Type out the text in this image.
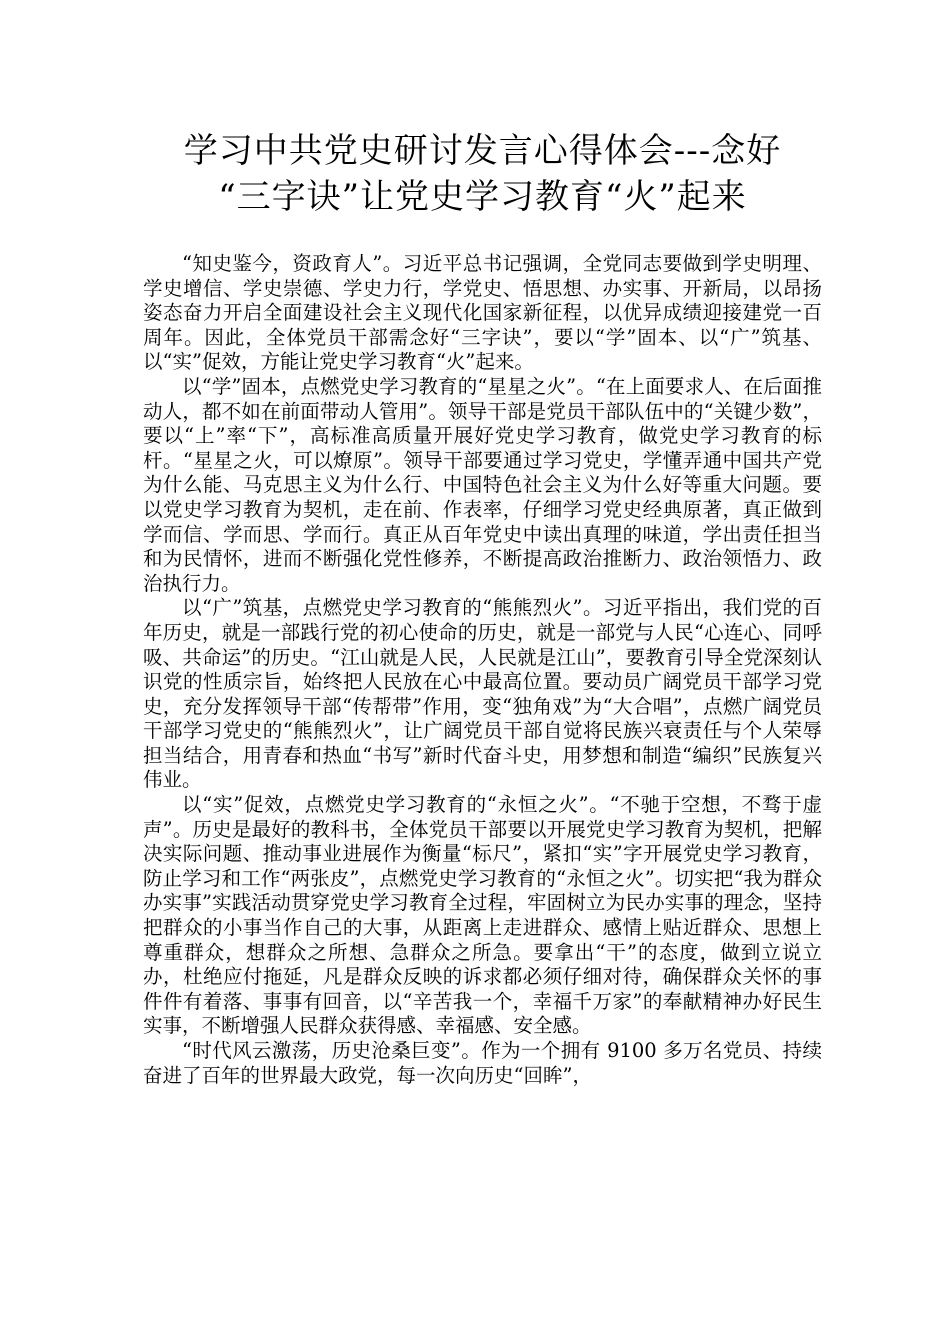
学习中共党史研讨发言心得体会---念好
“三字诀”让党史学习教育“火”起来

“知史鉴今，资政育人”。习近平总书记强调，全党同志要做到学史明理、学史增信、学史崇德、学史力行，学党史、悟思想、办实事、开新局，以昂扬姿态奋力开启全面建设社会主义现代化国家新征程，以优异成绩迎接建党一百周年。因此，全体党员干部需念好“三字诀”，要以“学”固本、以“广”筑基、以“实”促效，方能让党史学习教育“火”起来。

以“学”固本，点燃党史学习教育的“星星之火”。“在上面要求人、在后面推动人，都不如在前面带动人管用”。领导干部是党员干部队伍中的“关键少数”，要以“上”率“下”，高标准高质量开展好党史学习教育，做党史学习教育的标杆。“星星之火，可以燎原”。领导干部要通过学习党史，学懂弄通中国共产党为什么能、马克思主义为什么行、中国特色社会主义为什么好等重大问题。要以党史学习教育为契机，走在前、作表率，仔细学习党史经典原著，真正做到学而信、学而思、学而行。真正从百年党史中读出真理的味道，学出责任担当和为民情怀，进而不断强化党性修养，不断提高政治推断力、政治领悟力、政治执行力。

以“广”筑基，点燃党史学习教育的“熊熊烈火”。习近平指出，我们党的百年历史，就是一部践行党的初心使命的历史，就是一部党与人民“心连心、同呼吸、共命运”的历史。“江山就是人民，人民就是江山”，要教育引导全党深刻认识党的性质宗旨，始终把人民放在心中最高位置。要动员广阔党员干部学习党史，充分发挥领导干部“传帮带”作用，变“独角戏”为“大合唱”，点燃广阔党员干部学习党史的“熊熊烈火”，让广阔党员干部自觉将民族兴衰责任与个人荣辱担当结合，用青春和热血“书写”新时代奋斗史，用梦想和制造“编织”民族复兴伟业。

以“实”促效，点燃党史学习教育的“永恒之火”。“不驰于空想，不骛于虚声”。历史是最好的教科书，全体党员干部要以开展党史学习教育为契机，把解决实际问题、推动事业进展作为衡量“标尺”，紧扣“实”字开展党史学习教育，防止学习和工作“两张皮”，点燃党史学习教育的“永恒之火”。切实把“我为群众办实事”实践活动贯穿党史学习教育全过程，牢固树立为民办实事的理念，坚持把群众的小事当作自己的大事，从距离上走进群众、感情上贴近群众、思想上尊重群众，想群众之所想、急群众之所急。要拿出“干”的态度，做到立说立办，杜绝应付拖延，凡是群众反映的诉求都必须仔细对待，确保群众关怀的事件件有着落、事事有回音，以“辛苦我一个，幸福千万家”的奉献精神办好民生实事，不断增强人民群众获得感、幸福感、安全感。

“时代风云激荡，历史沧桑巨变”。作为一个拥有 9100 多万名党员、持续奋进了百年的世界最大政党，每一次向历史“回眸”，
